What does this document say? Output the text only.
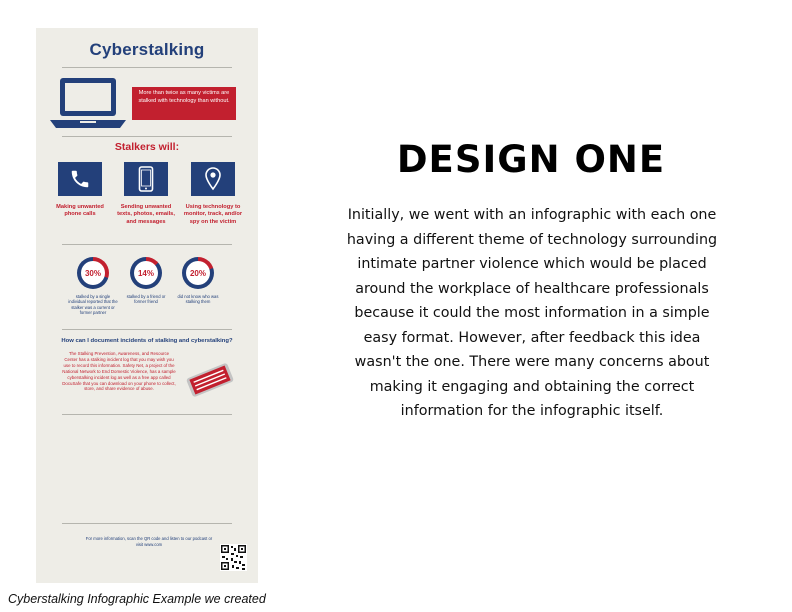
Cyberstalking
More than twice as many victims are stalked with technology than without.
Stalkers will:
Making unwanted phone calls
Sending unwanted texts, photos, emails, and messages
Using technology to monitor, track, and/or spy on the victim
30%	14%	20%
stalked by a single individual reported that the stalker was a current or former partner
stalked by a friend or former friend
did not know who was stalking them
How can I document incidents of stalking and cyberstalking?
The Stalking Prevention, Awareness, and Resource Center has a stalking incident log that you may wish you use to record this information. Safety Net, a project of the National Network to End Domestic Violence, has a sample cyberstalking incident log as well as a free app called DocuSafe that you can download on your phone to collect, store, and share evidence of abuse.
For more information, scan the QR code and listen to our podcast or visit www.com
DESIGN ONE
Initially, we went with an infographic with each one having a different theme of technology surrounding intimate partner violence which would be placed around the workplace of healthcare professionals because it could the most information in a simple easy format. However, after feedback this idea wasn't the one. There were many concerns about making it engaging and obtaining the correct information for the infographic itself.
Cyberstalking Infographic Example we created
